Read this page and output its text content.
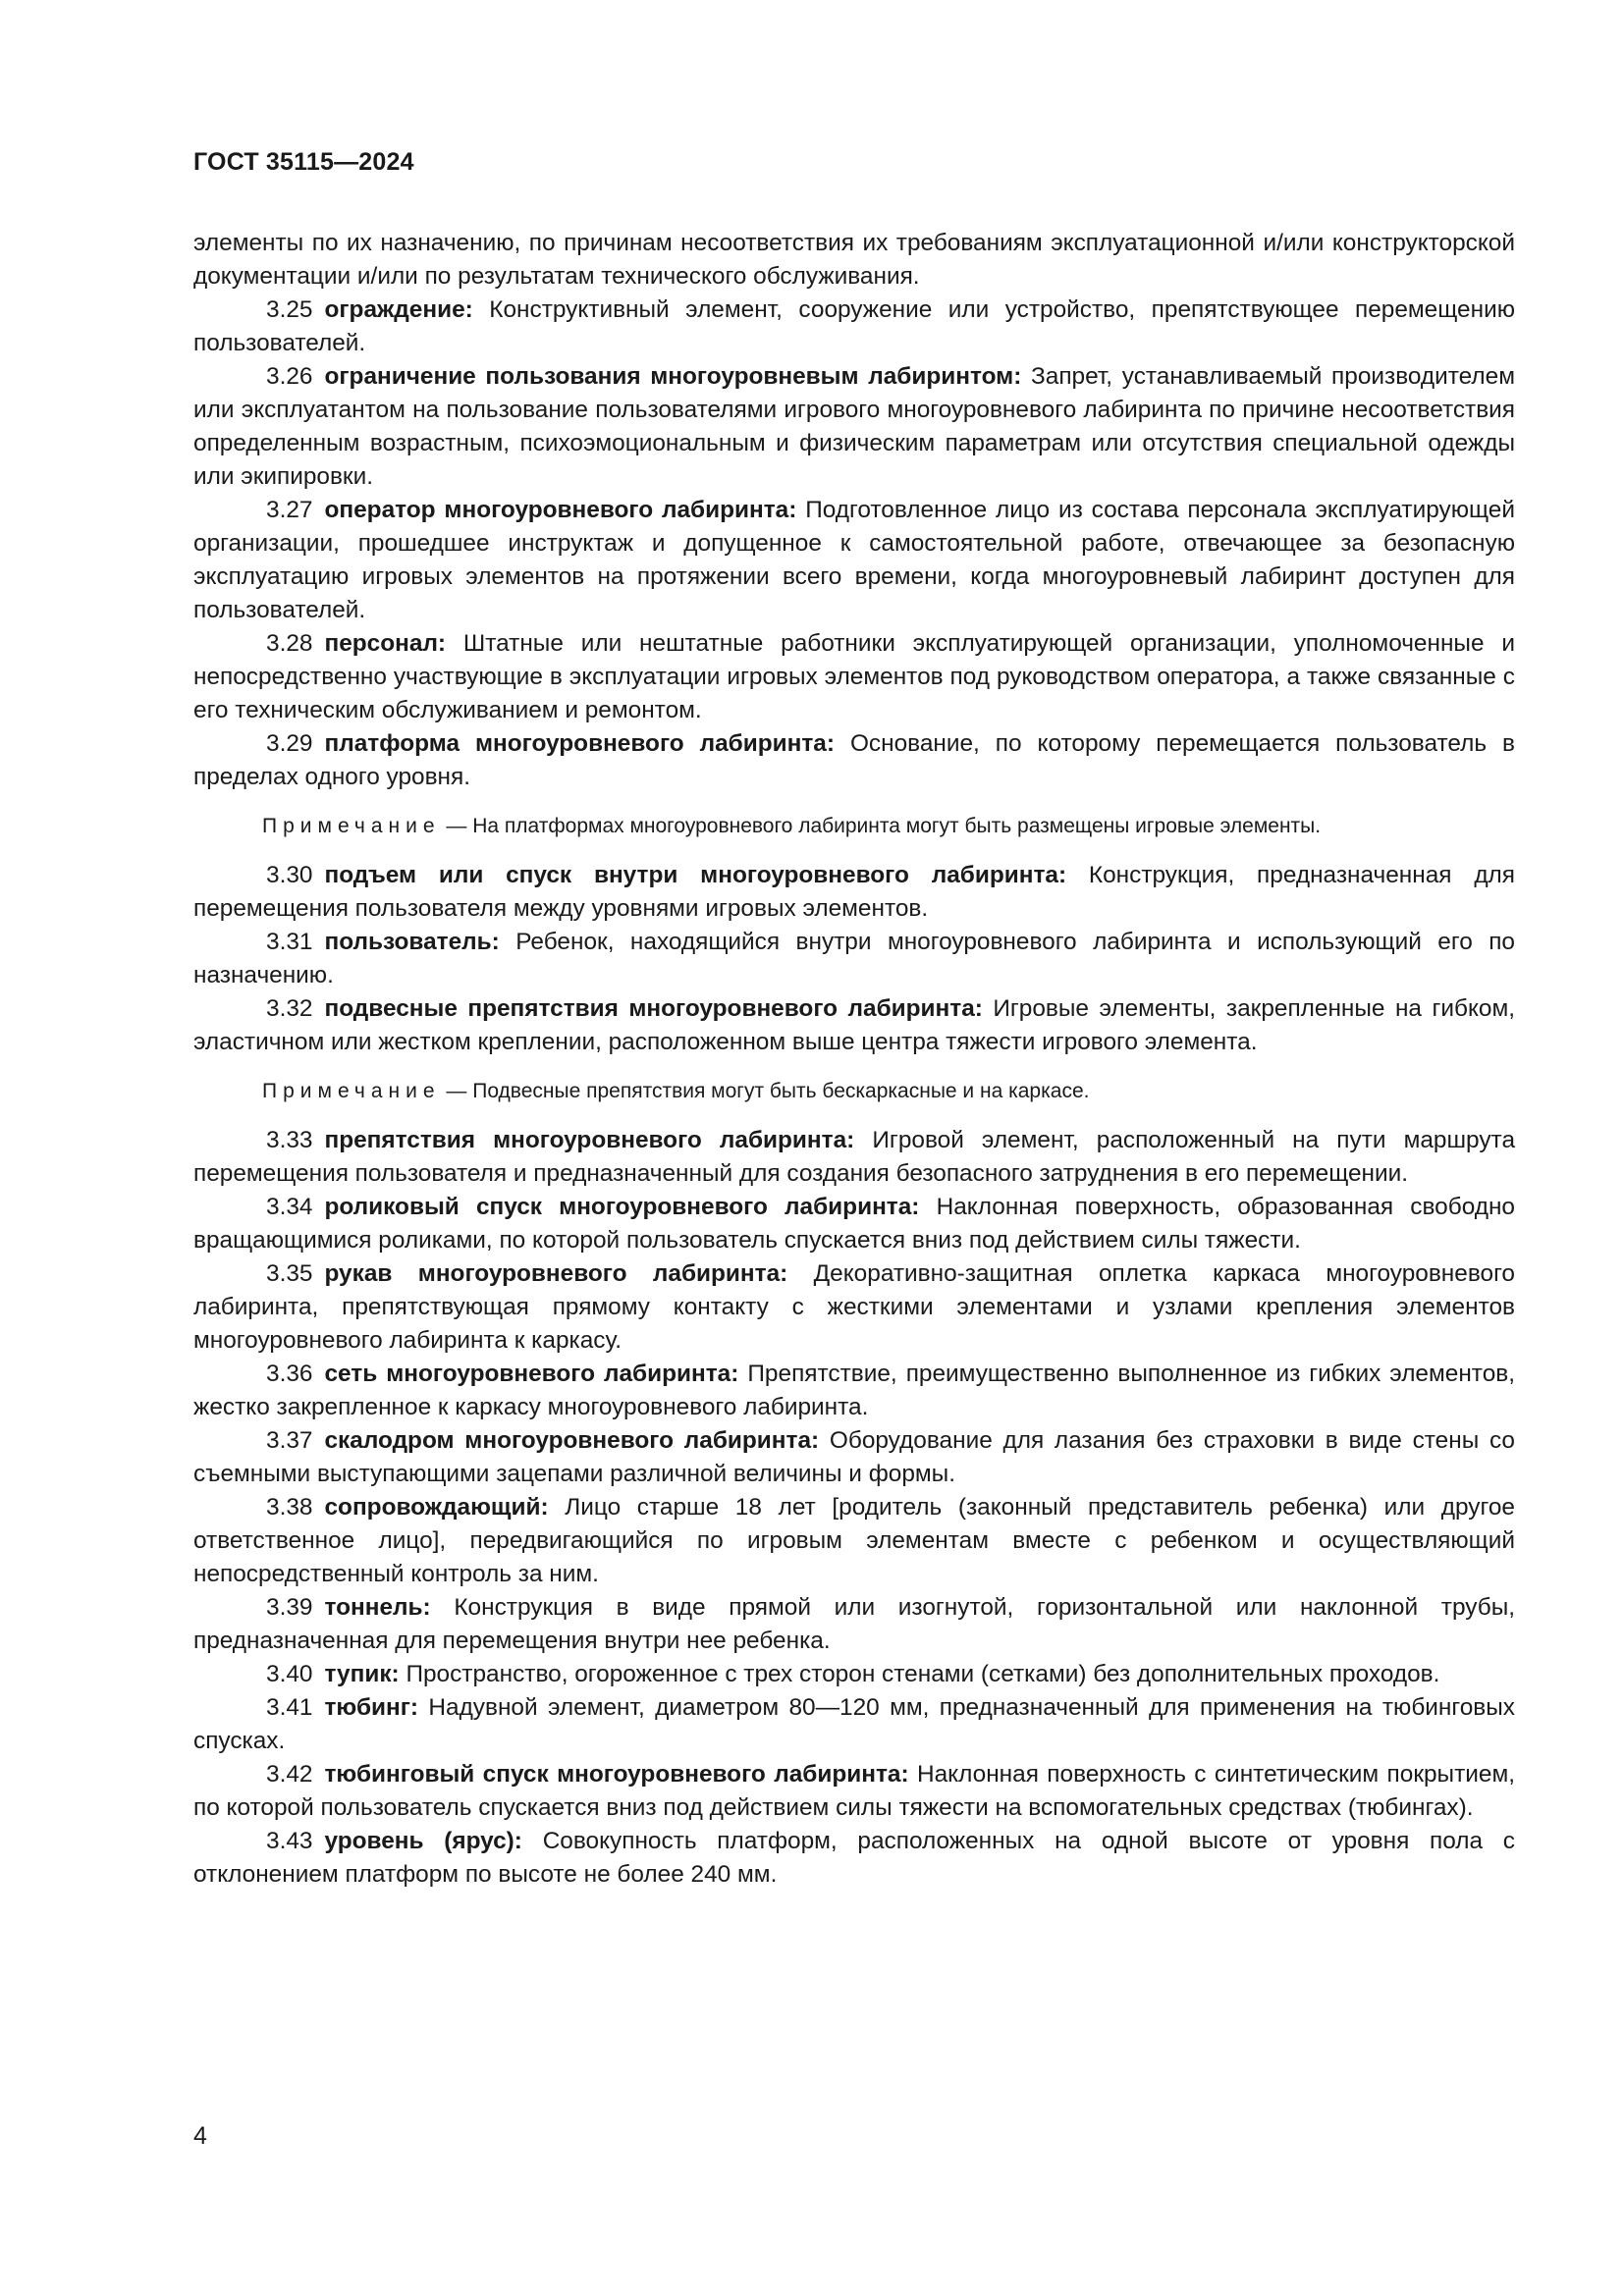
ГОСТ 35115—2024

элементы по их назначению, по причинам несоответствия их требованиям эксплуатационной и/или конструкторской документации и/или по результатам технического обслуживания.

3.25 ограждение: Конструктивный элемент, сооружение или устройство, препятствующее перемещению пользователей.

3.26 ограничение пользования многоуровневым лабиринтом: Запрет, устанавливаемый производителем или эксплуатантом на пользование пользователями игрового многоуровневого лабиринта по причине несоответствия определенным возрастным, психоэмоциональным и физическим параметрам или отсутствия специальной одежды или экипировки.

3.27 оператор многоуровневого лабиринта: Подготовленное лицо из состава персонала эксплуатирующей организации, прошедшее инструктаж и допущенное к самостоятельной работе, отвечающее за безопасную эксплуатацию игровых элементов на протяжении всего времени, когда многоуровневый лабиринт доступен для пользователей.

3.28 персонал: Штатные или нештатные работники эксплуатирующей организации, уполномоченные и непосредственно участвующие в эксплуатации игровых элементов под руководством оператора, а также связанные с его техническим обслуживанием и ремонтом.

3.29 платформа многоуровневого лабиринта: Основание, по которому перемещается пользователь в пределах одного уровня.

Примечание — На платформах многоуровневого лабиринта могут быть размещены игровые элементы.

3.30 подъем или спуск внутри многоуровневого лабиринта: Конструкция, предназначенная для перемещения пользователя между уровнями игровых элементов.

3.31 пользователь: Ребенок, находящийся внутри многоуровневого лабиринта и использующий его по назначению.

3.32 подвесные препятствия многоуровневого лабиринта: Игровые элементы, закрепленные на гибком, эластичном или жестком креплении, расположенном выше центра тяжести игрового элемента.

Примечание — Подвесные препятствия могут быть бескаркасные и на каркасе.

3.33 препятствия многоуровневого лабиринта: Игровой элемент, расположенный на пути маршрута перемещения пользователя и предназначенный для создания безопасного затруднения в его перемещении.

3.34 роликовый спуск многоуровневого лабиринта: Наклонная поверхность, образованная свободно вращающимися роликами, по которой пользователь спускается вниз под действием силы тяжести.

3.35 рукав многоуровневого лабиринта: Декоративно-защитная оплетка каркаса многоуровневого лабиринта, препятствующая прямому контакту с жесткими элементами и узлами крепления элементов многоуровневого лабиринта к каркасу.

3.36 сеть многоуровневого лабиринта: Препятствие, преимущественно выполненное из гибких элементов, жестко закрепленное к каркасу многоуровневого лабиринта.

3.37 скалодром многоуровневого лабиринта: Оборудование для лазания без страховки в виде стены со съемными выступающими зацепами различной величины и формы.

3.38 сопровождающий: Лицо старше 18 лет [родитель (законный представитель ребенка) или другое ответственное лицо], передвигающийся по игровым элементам вместе с ребенком и осуществляющий непосредственный контроль за ним.

3.39 тоннель: Конструкция в виде прямой или изогнутой, горизонтальной или наклонной трубы, предназначенная для перемещения внутри нее ребенка.

3.40 тупик: Пространство, огороженное с трех сторон стенами (сетками) без дополнительных проходов.

3.41 тюбинг: Надувной элемент, диаметром 80—120 мм, предназначенный для применения на тюбинговых спусках.

3.42 тюбинговый спуск многоуровневого лабиринта: Наклонная поверхность с синтетическим покрытием, по которой пользователь спускается вниз под действием силы тяжести на вспомогательных средствах (тюбингах).

3.43 уровень (ярус): Совокупность платформ, расположенных на одной высоте от уровня пола с отклонением платформ по высоте не более 240 мм.

4
